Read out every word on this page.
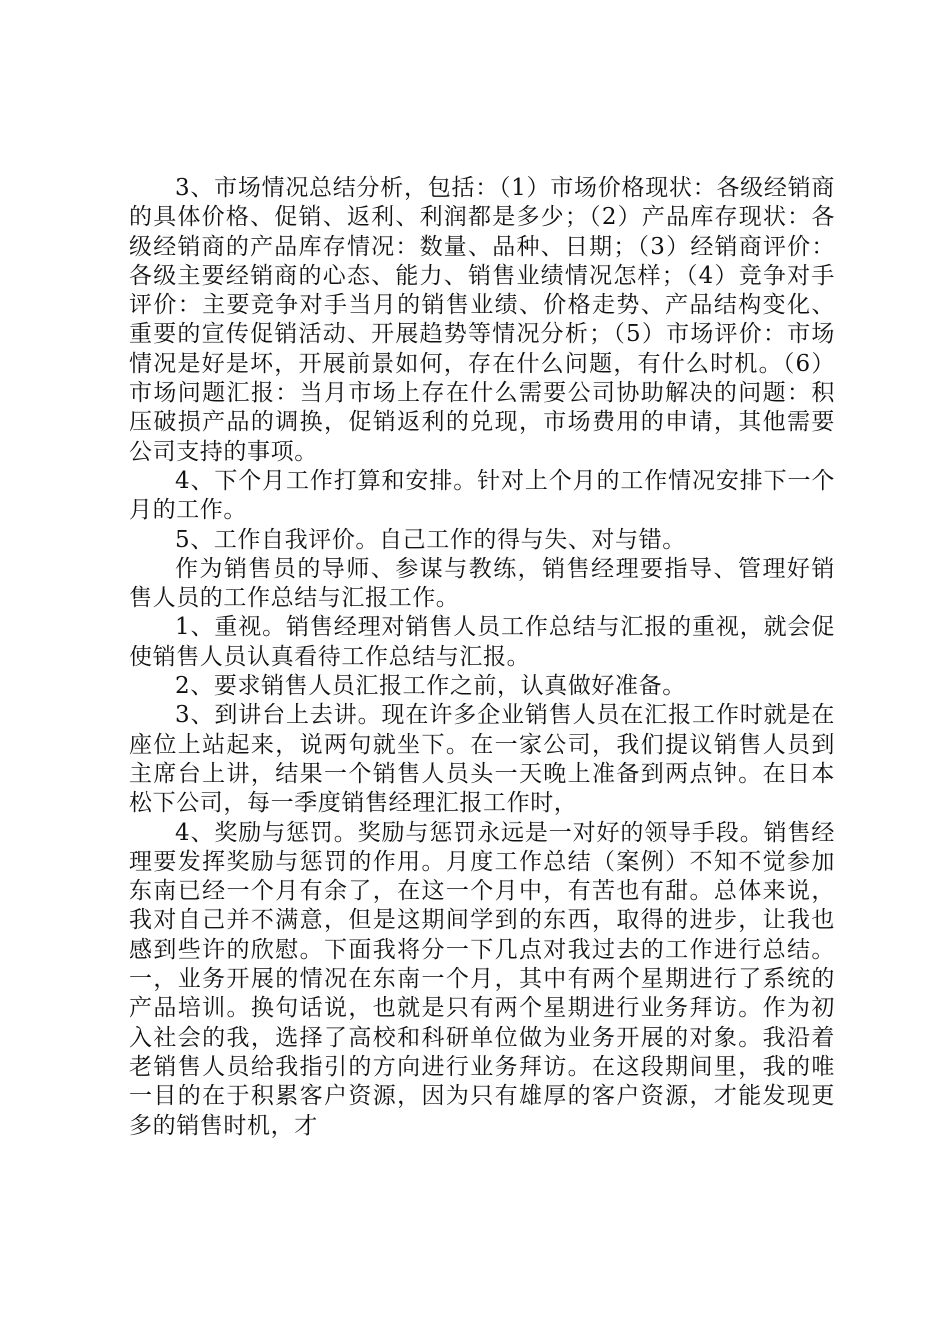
3、市场情况总结分析，包括：（1）市场价格现状：各级经销商的具体价格、促销、返利、利润都是多少；（2）产品库存现状：各级经销商的产品库存情况：数量、品种、日期；（3）经销商评价：各级主要经销商的心态、能力、销售业绩情况怎样；（4）竞争对手评价：主要竞争对手当月的销售业绩、价格走势、产品结构变化、重要的宣传促销活动、开展趋势等情况分析；（5）市场评价：市场情况是好是坏，开展前景如何，存在什么问题，有什么时机。（6）市场问题汇报：当月市场上存在什么需要公司协助解决的问题：积压破损产品的调换，促销返利的兑现，市场费用的申请，其他需要公司支持的事项。

4、下个月工作打算和安排。针对上个月的工作情况安排下一个月的工作。

5、工作自我评价。自己工作的得与失、对与错。

作为销售员的导师、参谋与教练，销售经理要指导、管理好销售人员的工作总结与汇报工作。

1、重视。销售经理对销售人员工作总结与汇报的重视，就会促使销售人员认真看待工作总结与汇报。

2、要求销售人员汇报工作之前，认真做好准备。

3、到讲台上去讲。现在许多企业销售人员在汇报工作时就是在座位上站起来，说两句就坐下。在一家公司，我们提议销售人员到主席台上讲，结果一个销售人员头一天晚上准备到两点钟。在日本松下公司，每一季度销售经理汇报工作时，

4、奖励与惩罚。奖励与惩罚永远是一对好的领导手段。销售经理要发挥奖励与惩罚的作用。月度工作总结（案例）不知不觉参加东南已经一个月有余了，在这一个月中，有苦也有甜。总体来说，我对自己并不满意，但是这期间学到的东西，取得的进步，让我也感到些许的欣慰。下面我将分一下几点对我过去的工作进行总结。一，业务开展的情况在东南一个月，其中有两个星期进行了系统的产品培训。换句话说，也就是只有两个星期进行业务拜访。作为初入社会的我，选择了高校和科研单位做为业务开展的对象。我沿着老销售人员给我指引的方向进行业务拜访。在这段期间里，我的唯一目的在于积累客户资源，因为只有雄厚的客户资源，才能发现更多的销售时机，才
